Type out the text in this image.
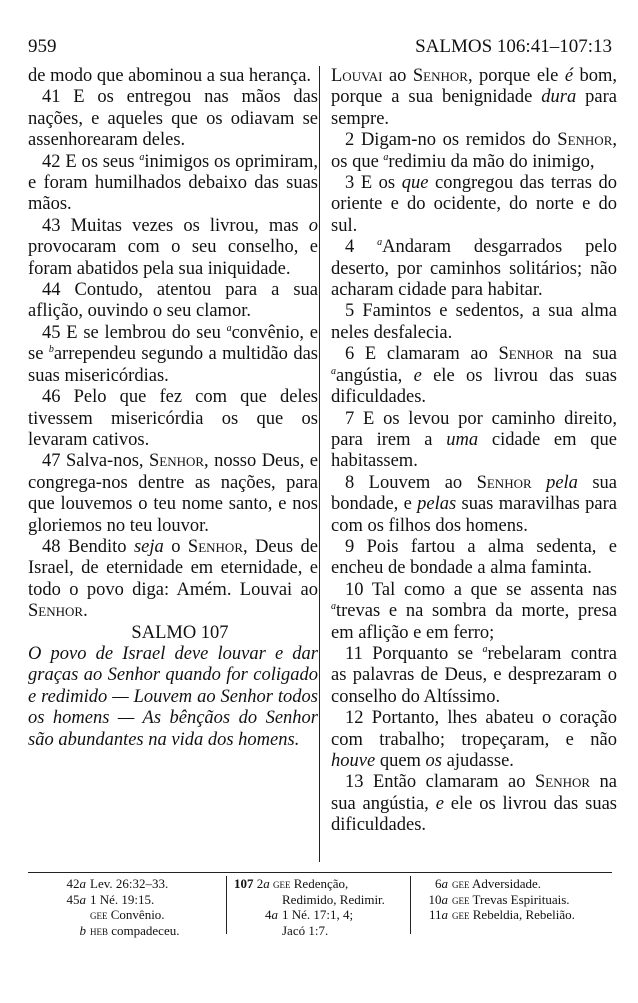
959	SALMOS 106:41–107:13

de modo que abominou a sua herança.

41 E os entregou nas mãos das nações, e aqueles que os odiavam se assenhorearam deles.

42 E os seus $^a$inimigos os oprimiram, e foram humilhados debaixo das suas mãos.

43 Muitas vezes os livrou, mas o provocaram com o seu conselho, e foram abatidos pela sua iniquidade.

44 Contudo, atentou para a sua aflição, ouvindo o seu clamor.

45 E se lembrou do seu $^a$convênio, e se $^b$arrependeu segundo a multidão das suas misericórdias.

46 Pelo que fez com que deles tivessem misericórdia os que os levaram cativos.

47 Salva-nos, Senhor, nosso Deus, e congrega-nos dentre as nações, para que louvemos o teu nome santo, e nos gloriemos no teu louvor.

48 Bendito seja o Senhor, Deus de Israel, de eternidade em eternidade, e todo o povo diga: Amém. Louvai ao Senhor.

SALMO 107

O povo de Israel deve louvar e dar graças ao Senhor quando for coligado e redimido — Louvem ao Senhor todos os homens — As bênçãos do Senhor são abundantes na vida dos homens.

Louvai ao Senhor, porque ele é bom, porque a sua benignidade dura para sempre.

2 Digam-no os remidos do Senhor, os que $^a$redimiu da mão do inimigo,

3 E os que congregou das terras do oriente e do ocidente, do norte e do sul.

4 $^a$Andaram desgarrados pelo deserto, por caminhos solitários; não acharam cidade para habitar.

5 Famintos e sedentos, a sua alma neles desfalecia.

6 E clamaram ao Senhor na sua $^a$angústia, e ele os livrou das suas dificuldades.

7 E os levou por caminho direito, para irem a uma cidade em que habitassem.

8 Louvem ao Senhor pela sua bondade, e pelas suas maravilhas para com os filhos dos homens.

9 Pois fartou a alma sedenta, e encheu de bondade a alma faminta.

10 Tal como a que se assenta nas $^a$trevas e na sombra da morte, presa em aflição e em ferro;

11 Porquanto se $^a$rebelaram contra as palavras de Deus, e desprezaram o conselho do Altíssimo.

12 Portanto, lhes abateu o coração com trabalho; tropeçaram, e não houve quem os ajudasse.

13 Então clamaram ao Senhor na sua angústia, e ele os livrou das suas dificuldades.

42a Lev. 26:32–33.
45a 1 Né. 19:15.
gee Convênio.
b heb compadeceu.
107 2a gee Redenção,
Redimido, Redimir.
4a 1 Né. 17:1, 4;
Jacó 1:7.
6a gee Adversidade.
10a gee Trevas Espirituais.
11a gee Rebeldia, Rebelião.
